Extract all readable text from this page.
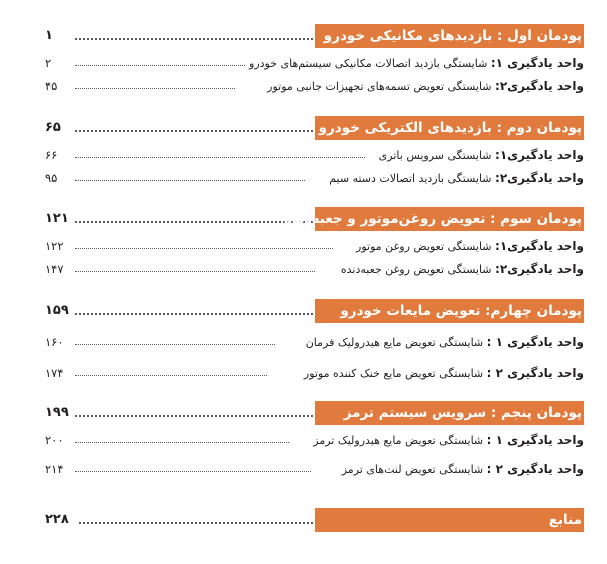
۱	پودمان اول : بازدیدهای مکانیکی خودرو
۲	واحد یادگیری ۱: شایستگی بازدید اتصالات مکانیکی سیستم‌های خودرو
۴۵	واحد یادگیری۲: شایستگی تعویض تسمه‌های تجهیزات جانبی موتور
۶۵	پودمان دوم : بازدیدهای الکتریکی خودرو
۶۶	واحد یادگیری۱: شایستگی سرویس باتری
۹۵	واحد یادگیری۲: شایستگی بازدید اتصالات دسته سیم
۱۲۱	پودمان سوم : تعویض روغن‌موتور و جعبه‌دنده
۱۲۲	واحد یادگیری۱: شایستگی تعویض روغن موتور
۱۴۷	واحد یادگیری۲: شایستگی تعویض روغن جعبه‌دنده
۱۵۹	پودمان چهارم: تعویض مایعات خودرو
۱۶۰	واحد یادگیری ۱ : شایستگی تعویض مایع هیدرولیک فرمان
۱۷۴	واحد یادگیری ۲ : شایستگی تعویض مایع خنک کننده موتور
۱۹۹	پودمان پنجم : سرویس سیستم ترمز
۲۰۰	واحد یادگیری ۱ : شایستگی تعویض مایع هیدرولیک ترمز
۲۱۴	واحد یادگیری ۲ : شایستگی تعویض لنت‌های ترمز
۲۲۸	منابع
